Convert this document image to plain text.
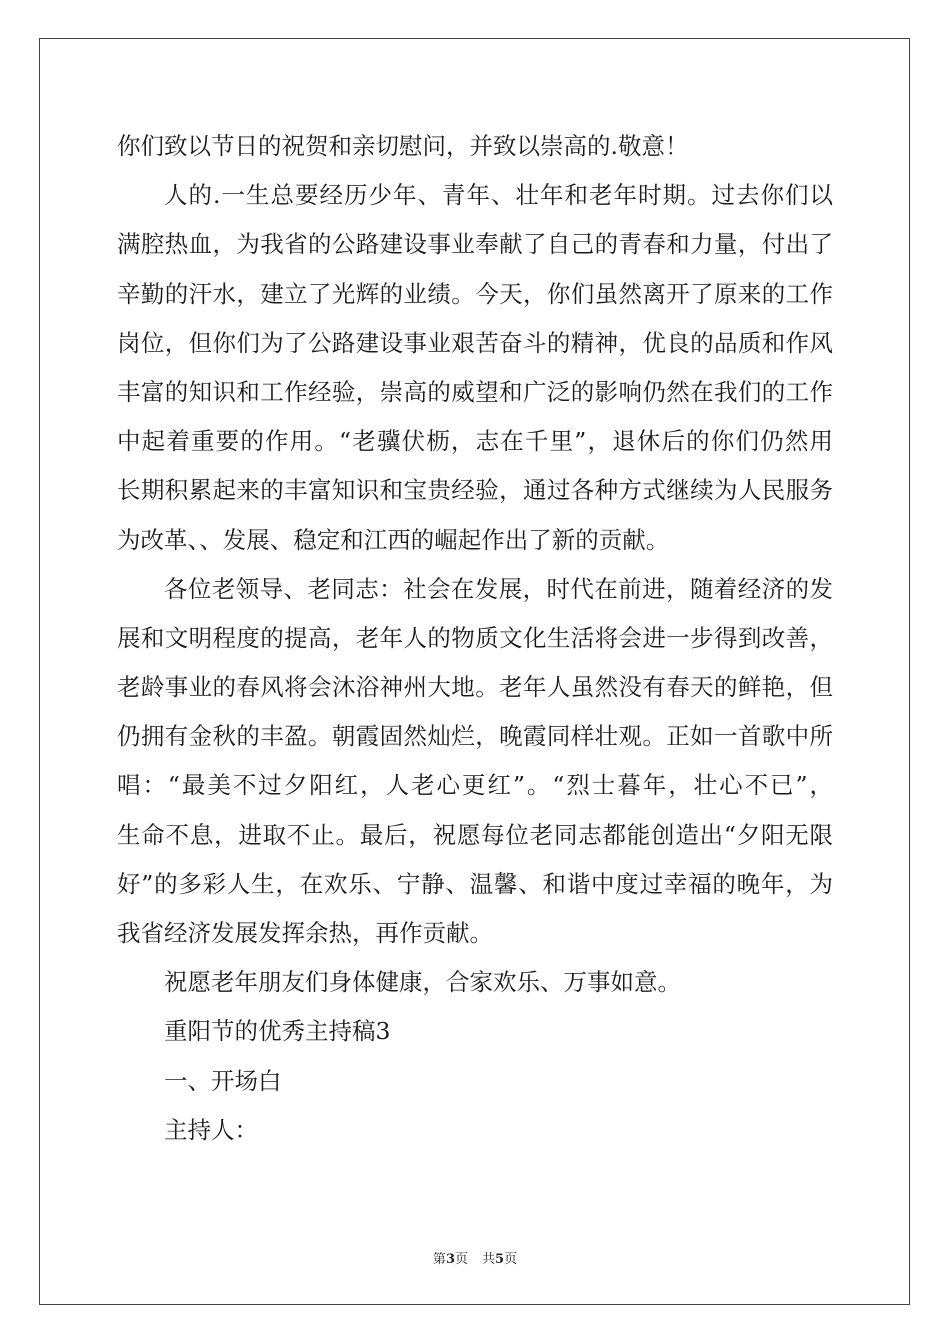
你们致以节日的祝贺和亲切慰问，并致以崇高的.敬意！
人的.一生总要经历少年、青年、壮年和老年时期。过去你们以
满腔热血，为我省的公路建设事业奉献了自己的青春和力量，付出了
辛勤的汗水，建立了光辉的业绩。今天，你们虽然离开了原来的工作
岗位，但你们为了公路建设事业艰苦奋斗的精神，优良的品质和作风
丰富的知识和工作经验，崇高的威望和广泛的影响仍然在我们的工作
中起着重要的作用。“老骥伏枥，志在千里”，退休后的你们仍然用
长期积累起来的丰富知识和宝贵经验，通过各种方式继续为人民服务
为改革、、发展、稳定和江西的崛起作出了新的贡献。
各位老领导、老同志：社会在发展，时代在前进，随着经济的发
展和文明程度的提高，老年人的物质文化生活将会进一步得到改善，
老龄事业的春风将会沐浴神州大地。老年人虽然没有春天的鲜艳，但
仍拥有金秋的丰盈。朝霞固然灿烂，晚霞同样壮观。正如一首歌中所
唱：“最美不过夕阳红，人老心更红”。“烈士暮年，壮心不已”，
生命不息，进取不止。最后，祝愿每位老同志都能创造出“夕阳无限
好”的多彩人生，在欢乐、宁静、温馨、和谐中度过幸福的晚年，为
我省经济发展发挥余热，再作贡献。
祝愿老年朋友们身体健康，合家欢乐、万事如意。
重阳节的优秀主持稿3
一、开场白
主持人：
第3页 共5页
